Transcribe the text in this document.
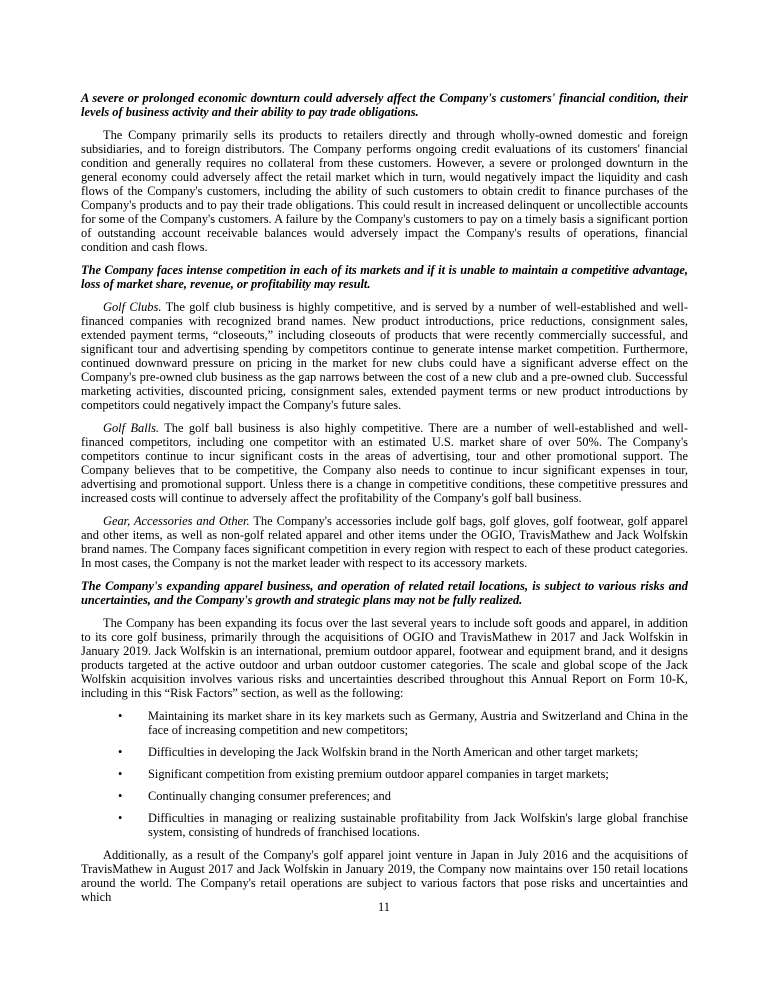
A severe or prolonged economic downturn could adversely affect the Company's customers' financial condition, their levels of business activity and their ability to pay trade obligations.

The Company primarily sells its products to retailers directly and through wholly-owned domestic and foreign subsidiaries, and to foreign distributors. The Company performs ongoing credit evaluations of its customers' financial condition and generally requires no collateral from these customers. However, a severe or prolonged downturn in the general economy could adversely affect the retail market which in turn, would negatively impact the liquidity and cash flows of the Company's customers, including the ability of such customers to obtain credit to finance purchases of the Company's products and to pay their trade obligations. This could result in increased delinquent or uncollectible accounts for some of the Company's customers. A failure by the Company's customers to pay on a timely basis a significant portion of outstanding account receivable balances would adversely impact the Company's results of operations, financial condition and cash flows.

The Company faces intense competition in each of its markets and if it is unable to maintain a competitive advantage, loss of market share, revenue, or profitability may result.

Golf Clubs. The golf club business is highly competitive, and is served by a number of well-established and well-financed companies with recognized brand names. New product introductions, price reductions, consignment sales, extended payment terms, “closeouts,” including closeouts of products that were recently commercially successful, and significant tour and advertising spending by competitors continue to generate intense market competition. Furthermore, continued downward pressure on pricing in the market for new clubs could have a significant adverse effect on the Company's pre-owned club business as the gap narrows between the cost of a new club and a pre-owned club. Successful marketing activities, discounted pricing, consignment sales, extended payment terms or new product introductions by competitors could negatively impact the Company's future sales.

Golf Balls. The golf ball business is also highly competitive. There are a number of well-established and well-financed competitors, including one competitor with an estimated U.S. market share of over 50%. The Company's competitors continue to incur significant costs in the areas of advertising, tour and other promotional support. The Company believes that to be competitive, the Company also needs to continue to incur significant expenses in tour, advertising and promotional support. Unless there is a change in competitive conditions, these competitive pressures and increased costs will continue to adversely affect the profitability of the Company's golf ball business.

Gear, Accessories and Other. The Company's accessories include golf bags, golf gloves, golf footwear, golf apparel and other items, as well as non-golf related apparel and other items under the OGIO, TravisMathew and Jack Wolfskin brand names. The Company faces significant competition in every region with respect to each of these product categories. In most cases, the Company is not the market leader with respect to its accessory markets.

The Company's expanding apparel business, and operation of related retail locations, is subject to various risks and uncertainties, and the Company's growth and strategic plans may not be fully realized.

The Company has been expanding its focus over the last several years to include soft goods and apparel, in addition to its core golf business, primarily through the acquisitions of OGIO and TravisMathew in 2017 and Jack Wolfskin in January 2019. Jack Wolfskin is an international, premium outdoor apparel, footwear and equipment brand, and it designs products targeted at the active outdoor and urban outdoor customer categories. The scale and global scope of the Jack Wolfskin acquisition involves various risks and uncertainties described throughout this Annual Report on Form 10-K, including in this “Risk Factors” section, as well as the following:

• Maintaining its market share in its key markets such as Germany, Austria and Switzerland and China in the face of increasing competition and new competitors;
• Difficulties in developing the Jack Wolfskin brand in the North American and other target markets;
• Significant competition from existing premium outdoor apparel companies in target markets;
• Continually changing consumer preferences; and
• Difficulties in managing or realizing sustainable profitability from Jack Wolfskin's large global franchise system, consisting of hundreds of franchised locations.

Additionally, as a result of the Company's golf apparel joint venture in Japan in July 2016 and the acquisitions of TravisMathew in August 2017 and Jack Wolfskin in January 2019, the Company now maintains over 150 retail locations around the world. The Company's retail operations are subject to various factors that pose risks and uncertainties and which

11
